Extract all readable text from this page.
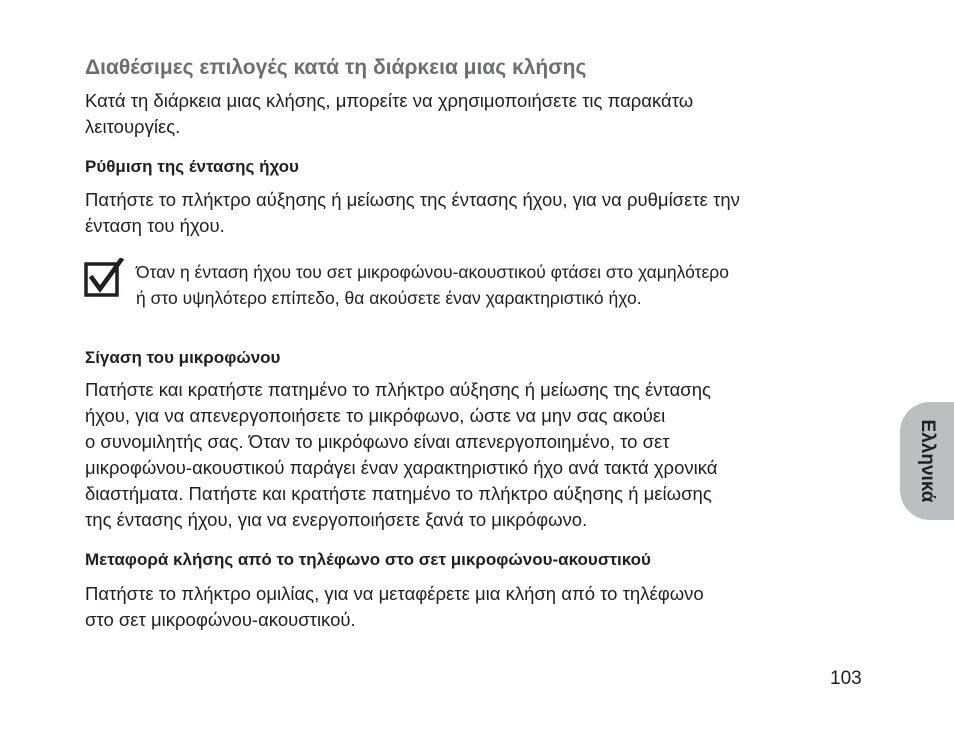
Διαθέσιμες επιλογές κατά τη διάρκεια μιας κλήσης

Κατά τη διάρκεια μιας κλήσης, μπορείτε να χρησιμοποιήσετε τις παρακάτω
λειτουργίες.

Ρύθμιση της έντασης ήχου

Πατήστε το πλήκτρο αύξησης ή μείωσης της έντασης ήχου, για να ρυθμίσετε την
ένταση του ήχου.

Όταν η ένταση ήχου του σετ μικροφώνου-ακουστικού φτάσει στο χαμηλότερο
ή στο υψηλότερο επίπεδο, θα ακούσετε έναν χαρακτηριστικό ήχο.

Σίγαση του μικροφώνου

Πατήστε και κρατήστε πατημένο το πλήκτρο αύξησης ή μείωσης της έντασης
ήχου, για να απενεργοποιήσετε το μικρόφωνο, ώστε να μην σας ακούει
ο συνομιλητής σας. Όταν το μικρόφωνο είναι απενεργοποιημένο, το σετ
μικροφώνου-ακουστικού παράγει έναν χαρακτηριστικό ήχο ανά τακτά χρονικά
διαστήματα. Πατήστε και κρατήστε πατημένο το πλήκτρο αύξησης ή μείωσης
της έντασης ήχου, για να ενεργοποιήσετε ξανά το μικρόφωνο.

Μεταφορά κλήσης από το τηλέφωνο στο σετ μικροφώνου-ακουστικού

Πατήστε το πλήκτρο ομιλίας, για να μεταφέρετε μια κλήση από το τηλέφωνο
στο σετ μικροφώνου-ακουστικού.

Ελληνικά

103
